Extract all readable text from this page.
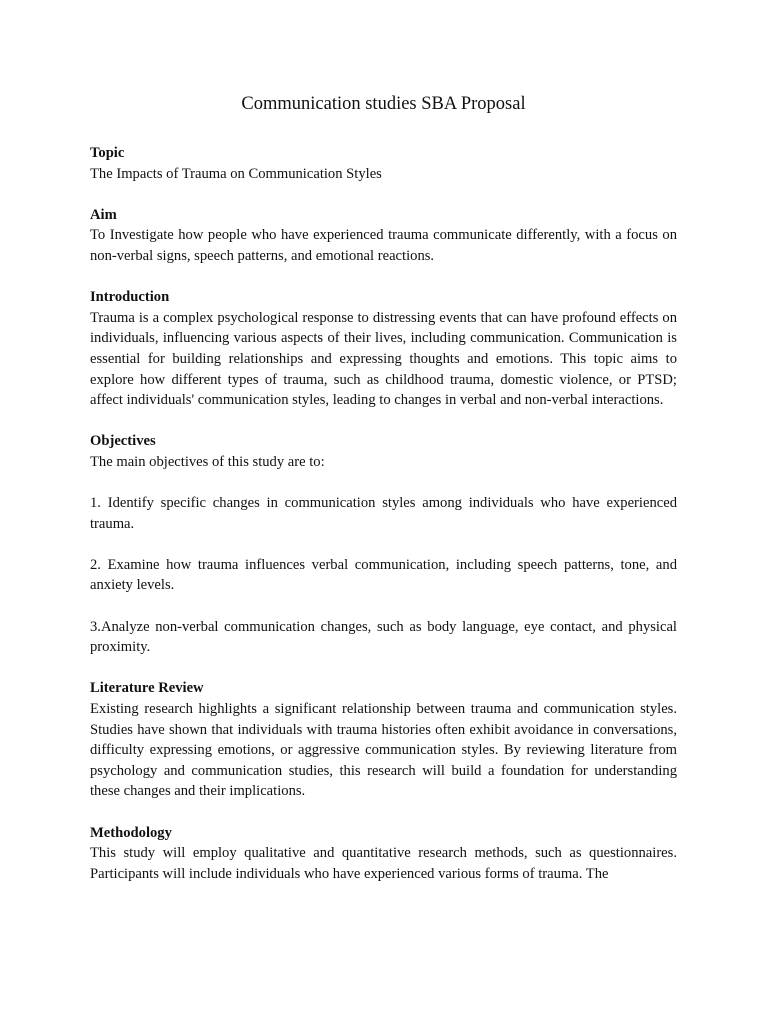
Communication studies SBA Proposal
Topic

The Impacts of Trauma on Communication Styles

Aim

To Investigate how people who have experienced trauma communicate differently, with a focus on non-verbal signs, speech patterns, and emotional reactions.

Introduction

Trauma is a complex psychological response to distressing events that can have profound effects on individuals, influencing various aspects of their lives, including communication. Communication is essential for building relationships and expressing thoughts and emotions. This topic aims to explore how different types of trauma, such as childhood trauma, domestic violence, or PTSD; affect individuals' communication styles, leading to changes in verbal and non-verbal interactions.

Objectives

The main objectives of this study are to:

1. Identify specific changes in communication styles among individuals who have experienced trauma.

2. Examine how trauma influences verbal communication, including speech patterns, tone, and anxiety levels.

3.Analyze non-verbal communication changes, such as body language, eye contact, and physical proximity.

Literature Review

Existing research highlights a significant relationship between trauma and communication styles. Studies have shown that individuals with trauma histories often exhibit avoidance in conversations, difficulty expressing emotions, or aggressive communication styles. By reviewing literature from psychology and communication studies, this research will build a foundation for understanding these changes and their implications.

Methodology

This study will employ qualitative and quantitative research methods, such as questionnaires. Participants will include individuals who have experienced various forms of trauma. The
